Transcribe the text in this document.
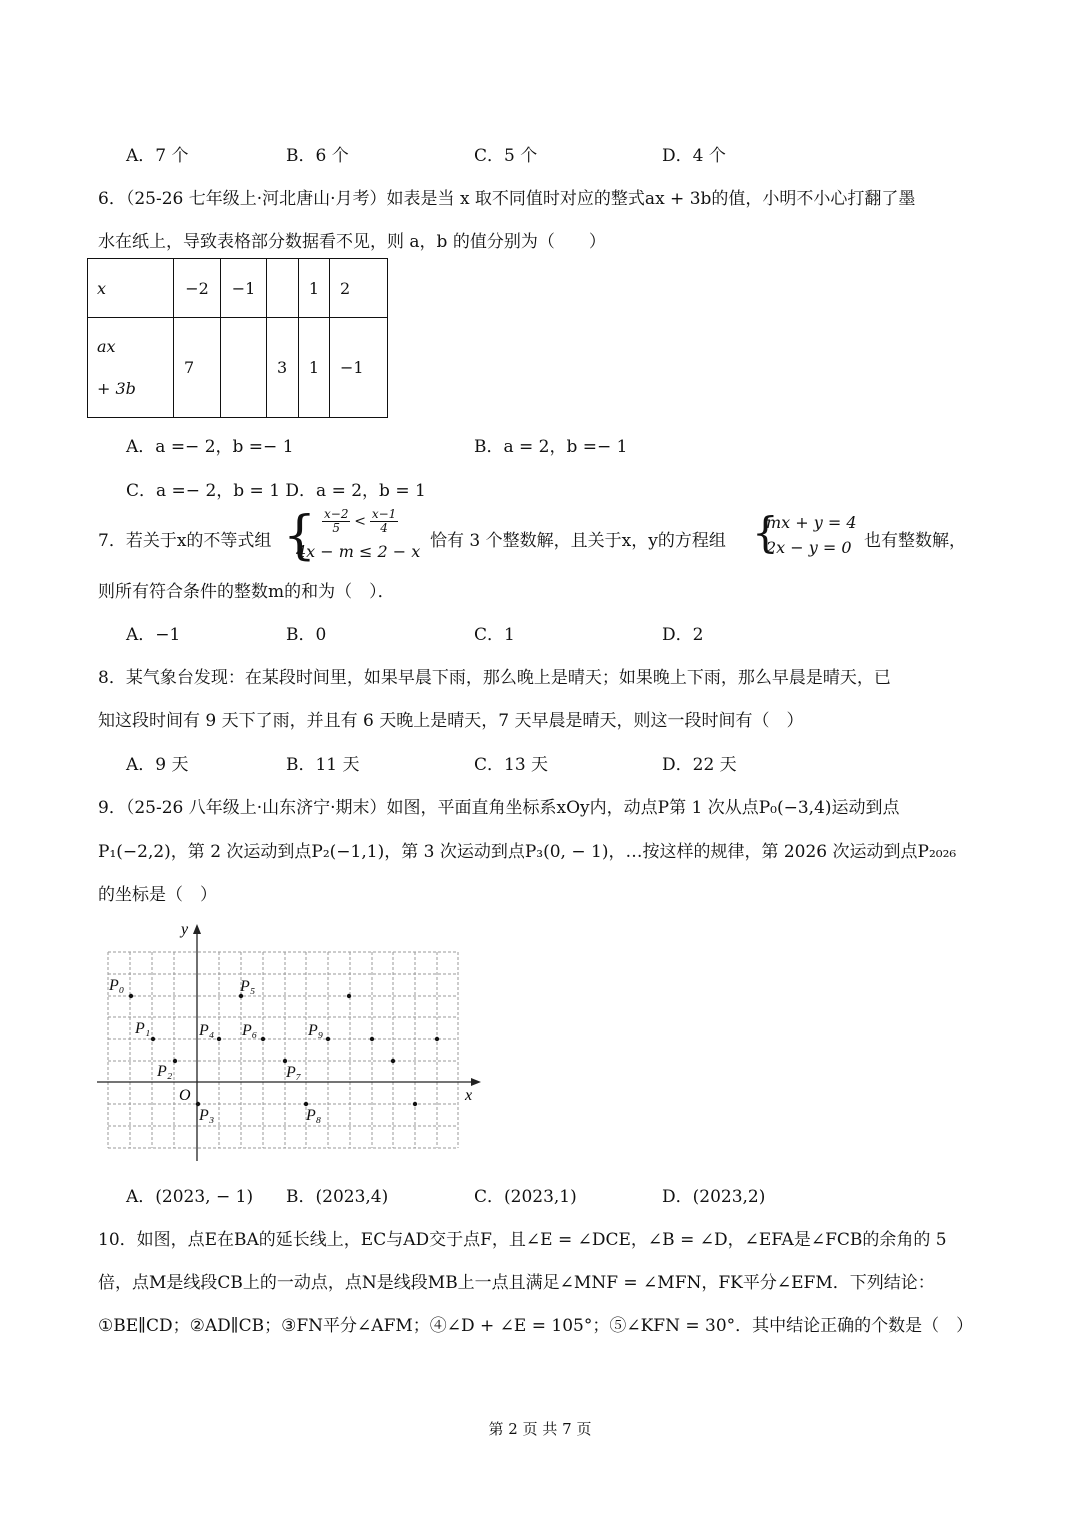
A．7 个	B．6 个	C．5 个	D．4 个
6．（25-26 七年级上·河北唐山·月考）如表是当 x 取不同值时对应的整式ax + 3b的值，小明不小心打翻了墨
水在纸上，导致表格部分数据看不见，则 a，b 的值分别为（　　）
x	−2	−1		1	2
ax
+ 3b	7		3	1	−1
A．a =− 2，b =− 1	B．a = 2，b =− 1
C．a =− 2，b = 1 D．a = 2，b = 1
7．若关于x的不等式组 { $\frac{x-2}{5} < \frac{x-1}{4}$
4x − m ≤ 2 − x
恰有 3 个整数解，且关于x，y的方程组 {
mx + y = 4
2x − y = 0 也有整数解，
则所有符合条件的整数m的和为（　）．
A．−1	B．0	C．1	D．2
8．某气象台发现：在某段时间里，如果早晨下雨，那么晚上是晴天；如果晚上下雨，那么早晨是晴天，已
知这段时间有 9 天下了雨，并且有 6 天晚上是晴天，7 天早晨是晴天，则这一段时间有（　）
A．9 天	B．11 天	C．13 天	D．22 天
9．（25-26 八年级上·山东济宁·期末）如图，平面直角坐标系xOy内，动点P第 1 次从点P₀(−3,4)运动到点
P₁(−2,2)，第 2 次运动到点P₂(−1,1)，第 3 次运动到点P₃(0, − 1)，…按这样的规律，第 2026 次运动到点P₂₀₂₆
的坐标是（　）
x
y
O
P₀
P₁
P₂
P₃
P₄
P₅
P₆
P₇
P₈
P₉
A．(2023, − 1) B．(2023,4)	C．(2023,1)	D．(2023,2)
10．如图，点E在BA的延长线上，EC与AD交于点F，且∠E = ∠DCE，∠B = ∠D，∠EFA是∠FCB的余角的 5
倍，点M是线段CB上的一动点，点N是线段MB上一点且满足∠MNF = ∠MFN，FK平分∠EFM．下列结论：
①BE∥CD；②AD∥CB；③FN平分∠AFM；④∠D + ∠E = 105°；⑤∠KFN = 30°．其中结论正确的个数是（　）
第 2 页 共 7 页
